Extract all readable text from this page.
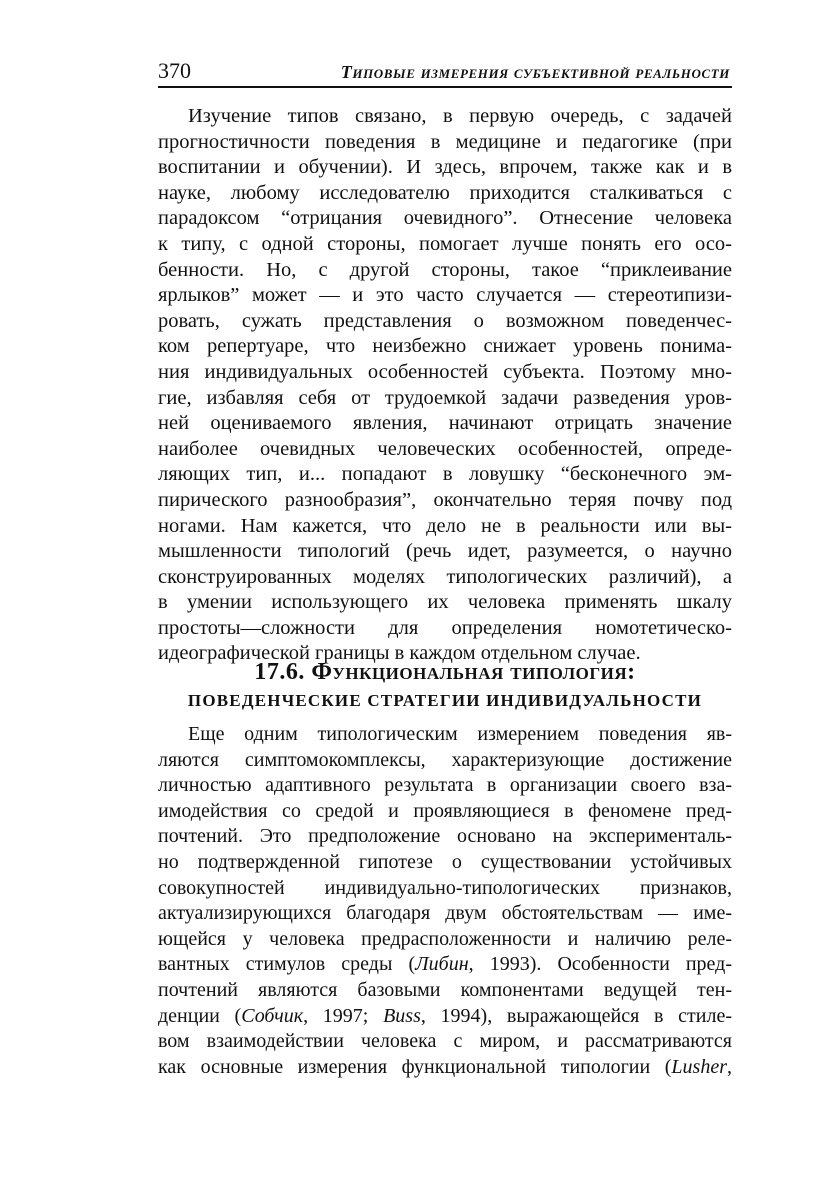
370	Типовые измерения субъективной реальности
Изучение типов связано, в первую очередь, с задачей
прогностичности поведения в медицине и педагогике (при
воспитании и обучении). И здесь, впрочем, также как и в
науке, любому исследователю приходится сталкиваться с
парадоксом “отрицания очевидного”. Отнесение человека
к типу, с одной стороны, помогает лучше понять его осо-
бенности. Но, с другой стороны, такое “приклеивание
ярлыков” может — и это часто случается — стереотипизи-
ровать, сужать представления о возможном поведенчес-
ком репертуаре, что неизбежно снижает уровень понима-
ния индивидуальных особенностей субъекта. Поэтому мно-
гие, избавляя себя от трудоемкой задачи разведения уров-
ней оцениваемого явления, начинают отрицать значение
наиболее очевидных человеческих особенностей, опреде-
ляющих тип, и... попадают в ловушку “бесконечного эм-
пирического разнообразия”, окончательно теряя почву под
ногами. Нам кажется, что дело не в реальности или вы-
мышленности типологий (речь идет, разумеется, о научно
сконструированных моделях типологических различий), а
в умении использующего их человека применять шкалу
простоты—сложности для определения номотетическо-
идеографической границы в каждом отдельном случае.
17.6. Функциональная типология:
ПОВЕДЕНЧЕСКИЕ СТРАТЕГИИ ИНДИВИДУАЛЬНОСТИ
Еще одним типологическим измерением поведения яв-
ляются симптомокомплексы, характеризующие достижение
личностью адаптивного результата в организации своего вза-
имодействия со средой и проявляющиеся в феномене пред-
почтений. Это предположение основано на эксперименталь-
но подтвержденной гипотезе о существовании устойчивых
совокупностей индивидуально-типологических признаков,
актуализирующихся благодаря двум обстоятельствам — име-
ющейся у человека предрасположенности и наличию реле-
вантных стимулов среды (Либин, 1993). Особенности пред-
почтений являются базовыми компонентами ведущей тен-
денции (Собчик, 1997; Buss, 1994), выражающейся в стиле-
вом взаимодействии человека с миром, и рассматриваются
как основные измерения функциональной типологии (Lusher,
